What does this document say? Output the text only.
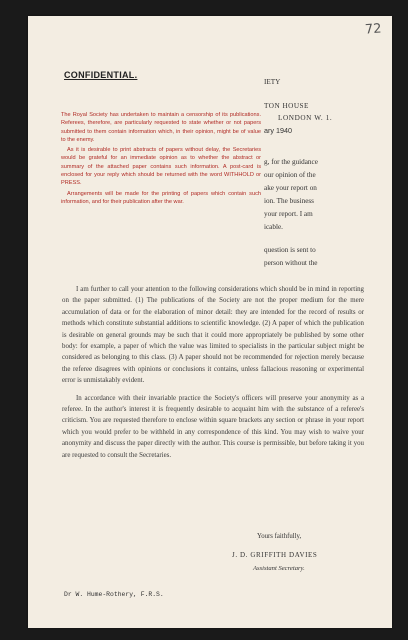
72
CONFIDENTIAL.
IETY
TON HOUSE
LONDON W. 1.
ary 1940
g, for the guidance
our opinion of the
ake your report on
ion. The business
your report. I am
icable.
question is sent to
person without the

The Royal Society has undertaken to maintain a censorship of its publications. Referees, therefore, are particularly requested to state whether or not papers submitted to them contain information which, in their opinion, might be of value to the enemy.

As it is desirable to print abstracts of papers without delay, the Secretaries would be grateful for an immediate opinion as to whether the abstract or summary of the attached paper contains such information. A post-card is enclosed for your reply which should be returned with the word WITHHOLD or PRESS.

Arrangements will be made for the printing of papers which contain such information, and for their publication after the war.

I am further to call your attention to the following considerations which should be in mind in reporting on the paper submitted. (1) The publications of the Society are not the proper medium for the mere accumulation of data or for the elaboration of minor detail: they are intended for the record of results or methods which constitute substantial additions to scientific knowledge. (2) A paper of which the publication is desirable on general grounds may be such that it could more appropriately be published by some other body: for example, a paper of which the value was limited to specialists in the particular subject might be considered as belonging to this class. (3) A paper should not be recommended for rejection merely because the referee disagrees with opinions or conclusions it contains, unless fallacious reasoning or experimental error is unmistakably evident.

In accordance with their invariable practice the Society's officers will preserve your anonymity as a referee. In the author's interest it is frequently desirable to acquaint him with the substance of a referee's criticism. You are requested therefore to enclose within square brackets any section or phrase in your report which you would prefer to be withheld in any correspondence of this kind. You may wish to waive your anonymity and discuss the paper directly with the author. This course is permissible, but before taking it you are requested to consult the Secretaries.

Yours faithfully,
J. D. GRIFFITH DAVIES
Assistant Secretary.
Dr W. Hume-Rothery, F.R.S.
